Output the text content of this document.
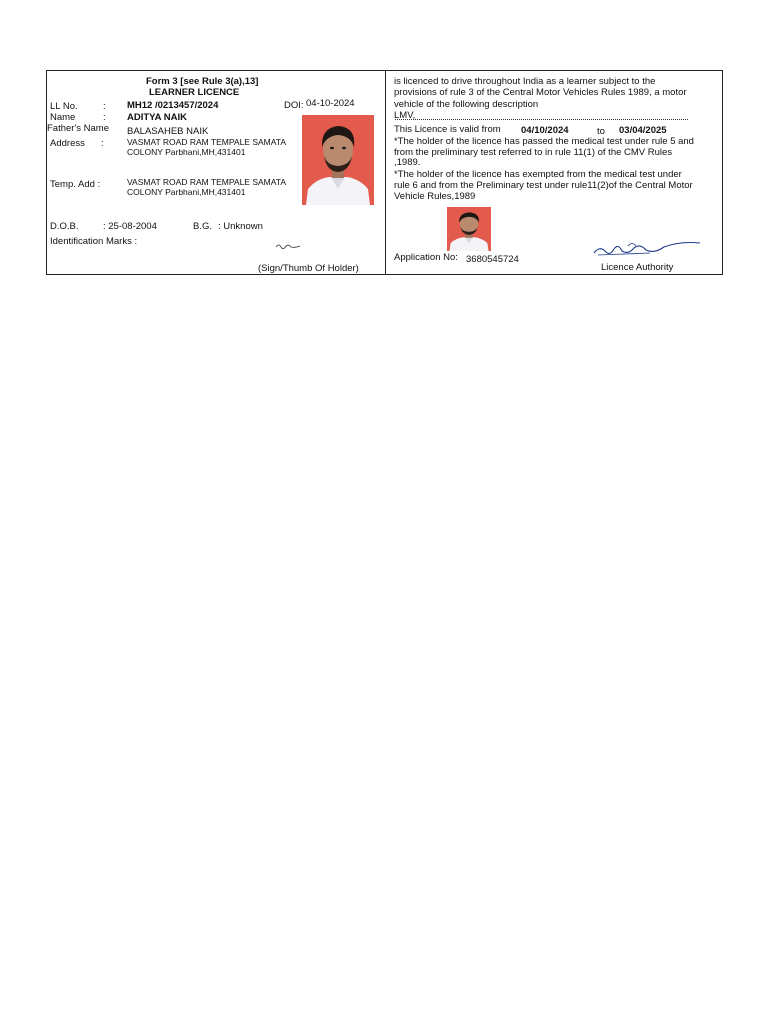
Form 3 [see Rule 3(a),13]
LEARNER LICENCE
LL No.	: MH12 /0213457/2024	DOI: 04-10-2024
Name	: ADITYA NAIK
Father's Name BALASAHEB NAIK
Address :	VASMAT ROAD RAM TEMPALE SAMATA
COLONY Parbhani,MH,431401
Temp. Add :	VASMAT ROAD RAM TEMPALE SAMATA
COLONY Parbhani,MH,431401
D.O.B.	: 25-08-2004	B.G. : Unknown
Identification Marks :
(Sign/Thumb Of Holder)
is licenced to drive throughout India as a learner subject to the
provisions of rule 3 of the Central Motor Vehicles Rules 1989, a motor
vehicle of the following description
LMV,
This Licence is valid from 04/10/2024	to 03/04/2025
*The holder of the licence has passed the medical test under rule 5 and
from the preliminary test referred to in rule 11(1) of the CMV Rules
,1989.
*The holder of the licence has exempted from the medical test under
rule 6 and from the Preliminary test under rule11(2)of the Central Motor
Vehicle Rules,1989
Application No: 3680545724
Licence Authority
